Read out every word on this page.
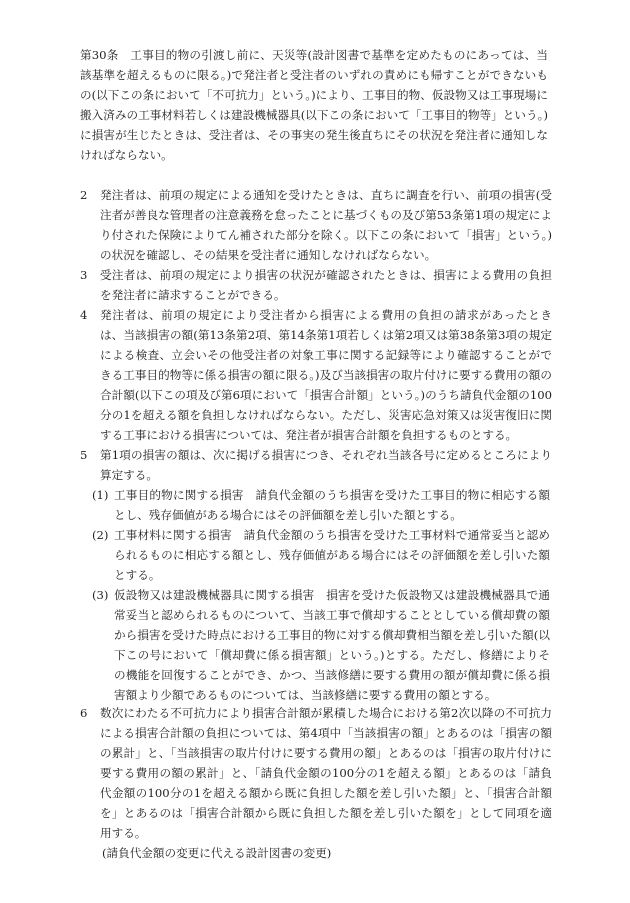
第30条　 工事目的物の引渡し前に、天災等(設計図書で基準を定めたものにあっては、当該基準を超えるものに限る。)で発注者と受注者のいずれの責めにも帰すことができないもの(以下この条において「不可抗力」という。)により、工事目的物、仮設物又は工事現場に搬入済みの工事材料若しくは建設機械器具(以下この条において「工事目的物等」という。)に損害が生じたときは、受注者は、その事実の発生後直ちにその状況を発注者に通知しなければならない。
2	発注者は、前項の規定による通知を受けたときは、直ちに調査を行い、前項の損害(受注者が善良な管理者の注意義務を怠ったことに基づくもの及び第53条第1項の規定により付された保険によりてん補された部分を除く。以下この条において「損害」という。)の状況を確認し、その結果を受注者に通知しなければならない。
3	受注者は、前項の規定により損害の状況が確認されたときは、損害による費用の負担を発注者に請求することができる。
4	発注者は、前項の規定により受注者から損害による費用の負担の請求があったときは、当該損害の額(第13条第2項、第14条第1項若しくは第2項又は第38条第3項の規定による検査、立会いその他受注者の対象工事に関する記録等により確認することができる工事目的物等に係る損害の額に限る。)及び当該損害の取片付けに要する費用の額の合計額(以下この項及び第6項において「損害合計額」という。)のうち請負代金額の100分の1を超える額を負担しなければならない。ただし、災害応急対策又は災害復旧に関する工事における損害については、発注者が損害合計額を負担するものとする。
5	第1項の損害の額は、次に掲げる損害につき、それぞれ当該各号に定めるところにより算定する。
(1) 工事目的物に関する損害　請負代金額のうち損害を受けた工事目的物に相応する額とし、残存価値がある場合にはその評価額を差し引いた額とする。
(2) 工事材料に関する損害　請負代金額のうち損害を受けた工事材料で通常妥当と認められるものに相応する額とし、残存価値がある場合にはその評価額を差し引いた額とする。
(3) 仮設物又は建設機械器具に関する損害　損害を受けた仮設物又は建設機械器具で通常妥当と認められるものについて、当該工事で償却することとしている償却費の額から損害を受けた時点における工事目的物に対する償却費相当額を差し引いた額(以下この号において「償却費に係る損害額」という。)とする。ただし、修繕によりその機能を回復することができ、かつ、当該修繕に要する費用の額が償却費に係る損害額より少額であるものについては、当該修繕に要する費用の額とする。
6	数次にわたる不可抗力により損害合計額が累積した場合における第2次以降の不可抗力による損害合計額の負担については、第4項中「当該損害の額」とあるのは「損害の額の累計」と、「当該損害の取片付けに要する費用の額」とあるのは「損害の取片付けに要する費用の額の累計」と、「請負代金額の100分の1を超える額」とあるのは「請負代金額の100分の1を超える額から既に負担した額を差し引いた額」と、「損害合計額を」とあるのは「損害合計額から既に負担した額を差し引いた額を」として同項を適用する。
(請負代金額の変更に代える設計図書の変更)
